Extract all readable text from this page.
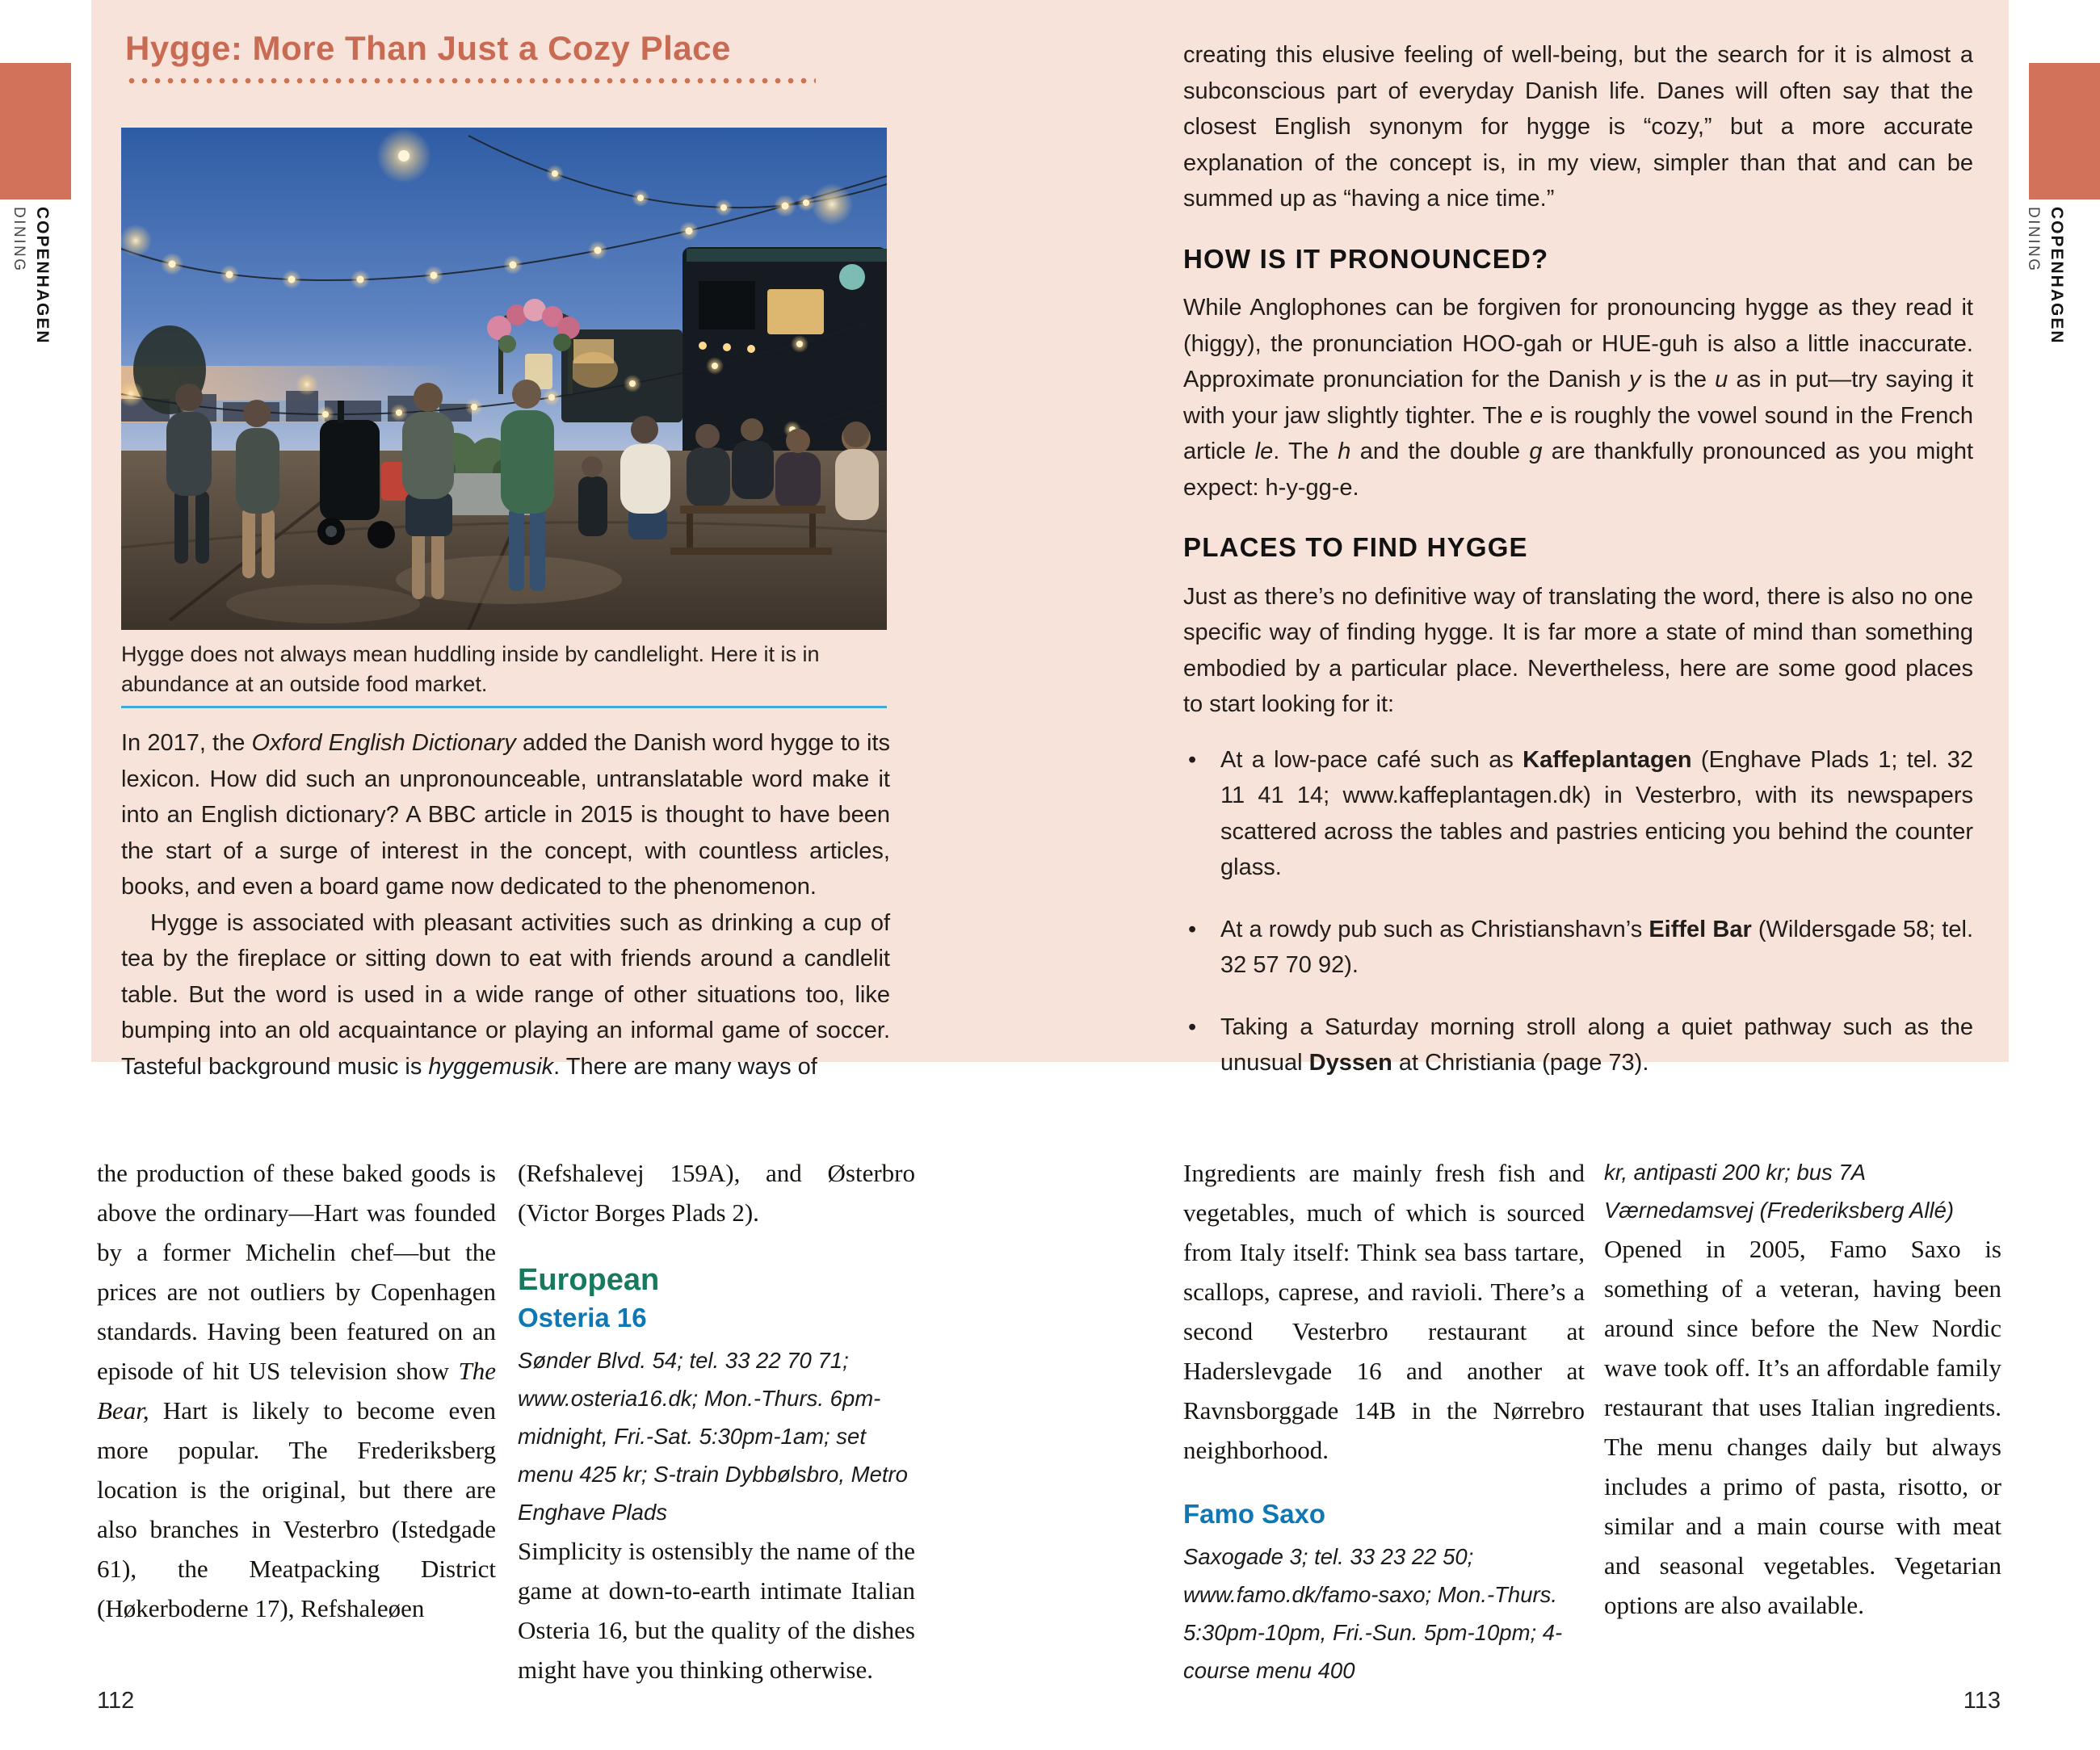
COPENHAGEN
DINING	COPENHAGEN
DINING
Hygge: More Than Just a Cozy Place
Hygge does not always mean huddling inside by candlelight. Here it is in abundance at an outside food market.

In 2017, the Oxford English Dictionary added the Danish word hygge to its lexicon. How did such an unpronounceable, untranslatable word make it into an English dictionary? A BBC article in 2015 is thought to have been the start of a surge of interest in the concept, with countless articles, books, and even a board game now dedicated to the phenomenon.

Hygge is associated with pleasant activities such as drinking a cup of tea by the fireplace or sitting down to eat with friends around a candlelit table. But the word is used in a wide range of other situations too, like bumping into an old acquaintance or playing an informal game of soccer. Tasteful background music is hyggemusik. There are many ways of

creating this elusive feeling of well-being, but the search for it is almost a subconscious part of everyday Danish life. Danes will often say that the closest English synonym for hygge is “cozy,” but a more accurate explanation of the concept is, in my view, simpler than that and can be summed up as “having a nice time.”

HOW IS IT PRONOUNCED?

While Anglophones can be forgiven for pronouncing hygge as they read it (higgy), the pronunciation HOO-gah or HUE-guh is also a little inaccurate. Approximate pronunciation for the Danish y is the u as in put—try saying it with your jaw slightly tighter. The e is roughly the vowel sound in the French article le. The h and the double g are thankfully pronounced as you might expect: h-y-gg-e.

PLACES TO FIND HYGGE

Just as there’s no definitive way of translating the word, there is also no one specific way of finding hygge. It is far more a state of mind than something embodied by a particular place. Nevertheless, here are some good places to start looking for it:

• At a low-pace café such as Kaffeplantagen (Enghave Plads 1; tel. 32 11 41 14; www.kaffeplantagen.dk) in Vesterbro, with its newspapers scattered across the tables and pastries enticing you behind the counter glass.
• At a rowdy pub such as Christianshavn’s Eiffel Bar (Wildersgade 58; tel. 32 57 70 92).
• Taking a Saturday morning stroll along a quiet pathway such as the unusual Dyssen at Christiania (page 73).

the production of these baked goods is above the ordinary—Hart was founded by a former Michelin chef—but the prices are not outliers by Copenhagen standards. Having been featured on an episode of hit US television show The Bear, Hart is likely to become even more popular. The Frederiksberg location is the original, but there are also branches in Vesterbro (Istedgade 61), the Meatpacking District (Høkerboderne 17), Refshaleøen

(Refshalevej 159A), and Østerbro (Victor Borges Plads 2).

European
Osteria 16

Sønder Blvd. 54; tel. 33 22 70 71; www.osteria16.dk; Mon.-Thurs. 6pm-midnight, Fri.-Sat. 5:30pm-1am; set menu 425 kr; S-train Dybbølsbro, Metro Enghave Plads

Simplicity is ostensibly the name of the game at down-to-earth intimate Italian Osteria 16, but the quality of the dishes might have you thinking otherwise.

Ingredients are mainly fresh fish and vegetables, much of which is sourced from Italy itself: Think sea bass tartare, scallops, caprese, and ravioli. There’s a second Vesterbro restaurant at Haderslevgade 16 and another at Ravnsborggade 14B in the Nørrebro neighborhood.

Famo Saxo

Saxogade 3; tel. 33 23 22 50; www.famo.dk/famo-saxo; Mon.-Thurs. 5:30pm-10pm, Fri.-Sun. 5pm-10pm; 4-course menu 400

kr, antipasti 200 kr; bus 7A Værnedamsvej (Frederiksberg Allé)

Opened in 2005, Famo Saxo is something of a veteran, having been around since before the New Nordic wave took off. It’s an affordable family restaurant that uses Italian ingredients. The menu changes daily but always includes a primo of pasta, risotto, or similar and a main course with meat and seasonal vegetables. Vegetarian options are also available.

112	113
